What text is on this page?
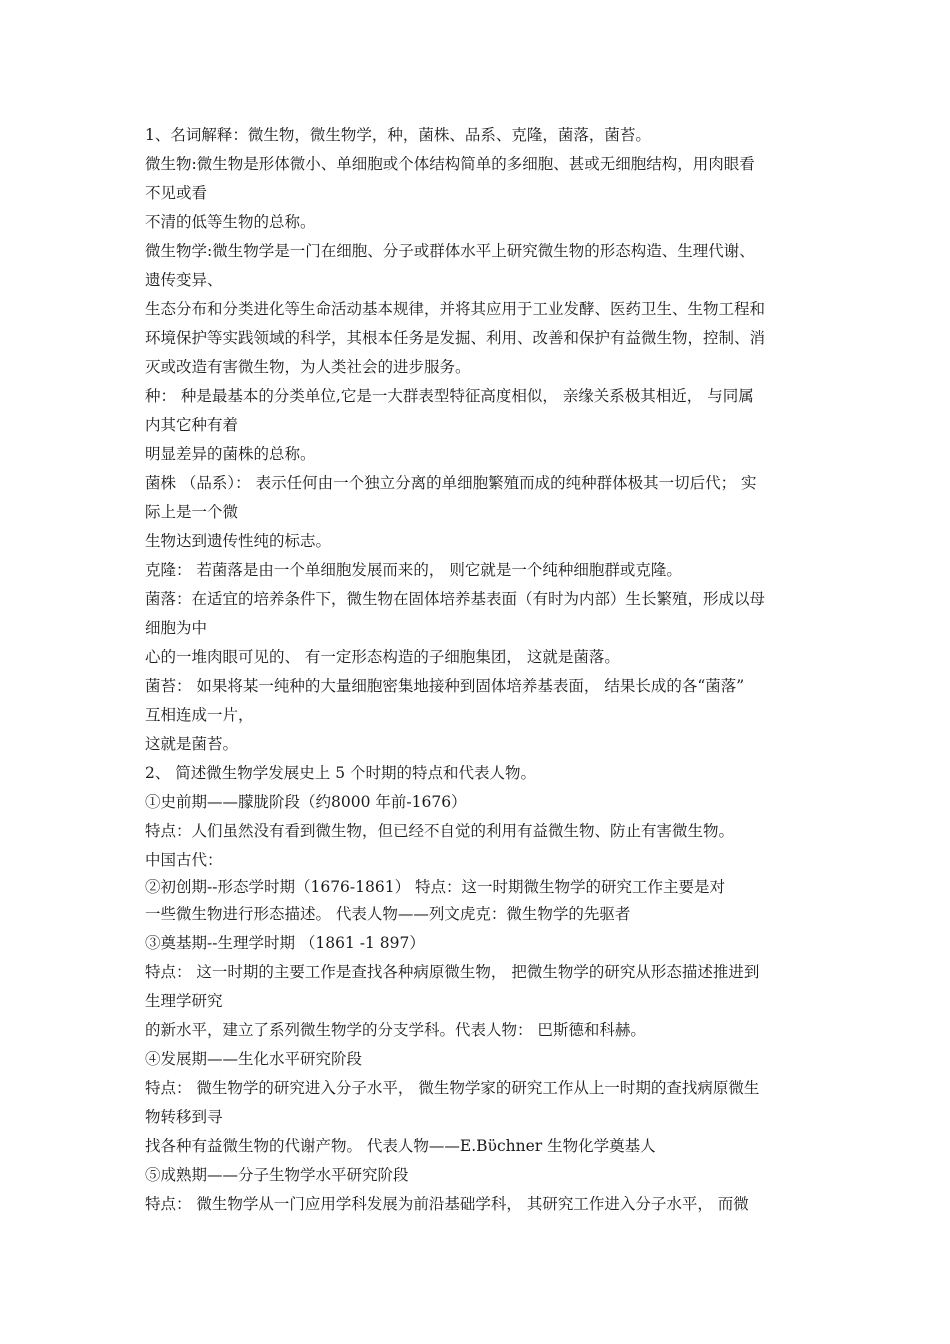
1、名词解释：微生物，微生物学，种，菌株、品系、克隆，菌落，菌苔。
微生物:微生物是形体微小、单细胞或个体结构简单的多细胞、甚或无细胞结构，用肉眼看
不见或看
不清的低等生物的总称。
微生物学:微生物学是一门在细胞、分子或群体水平上研究微生物的形态构造、生理代谢、
遗传变异、
生态分布和分类进化等生命活动基本规律，并将其应用于工业发酵、医药卫生、生物工程和
环境保护等实践领域的科学，其根本任务是发掘、利用、改善和保护有益微生物，控制、消
灭或改造有害微生物，为人类社会的进步服务。
种： 种是最基本的分类单位,它是一大群表型特征高度相似， 亲缘关系极其相近， 与同属
内其它种有着
明显差异的菌株的总称。
菌株 （品系）： 表示任何由一个独立分离的单细胞繁殖而成的纯种群体极其一切后代； 实
际上是一个微
生物达到遗传性纯的标志。
克隆： 若菌落是由一个单细胞发展而来的， 则它就是一个纯种细胞群或克隆。
菌落：在适宜的培养条件下，微生物在固体培养基表面（有时为内部）生长繁殖，形成以母
细胞为中
心的一堆肉眼可见的、 有一定形态构造的子细胞集团， 这就是菌落。
菌苔： 如果将某一纯种的大量细胞密集地接种到固体培养基表面， 结果长成的各“菌落”
互相连成一片，
这就是菌苔。
2、 简述微生物学发展史上 5 个时期的特点和代表人物。
①史前期——朦胧阶段（约8000 年前-1676）
特点：人们虽然没有看到微生物，但已经不自觉的利用有益微生物、防止有害微生物。
中国古代：
②初创期--形态学时期（1676-1861） 特点：这一时期微生物学的研究工作主要是对
一些微生物进行形态描述。 代表人物——列文虎克：微生物学的先驱者
③奠基期--生理学时期 （1861 -1 897）
特点： 这一时期的主要工作是查找各种病原微生物， 把微生物学的研究从形态描述推进到
生理学研究
的新水平，建立了系列微生物学的分支学科。代表人物： 巴斯德和科赫。
④发展期——生化水平研究阶段
特点： 微生物学的研究进入分子水平， 微生物学家的研究工作从上一时期的查找病原微生
物转移到寻
找各种有益微生物的代谢产物。 代表人物——E.Bϋchner 生物化学奠基人
⑤成熟期——分子生物学水平研究阶段
特点： 微生物学从一门应用学科发展为前沿基础学科， 其研究工作进入分子水平， 而微
